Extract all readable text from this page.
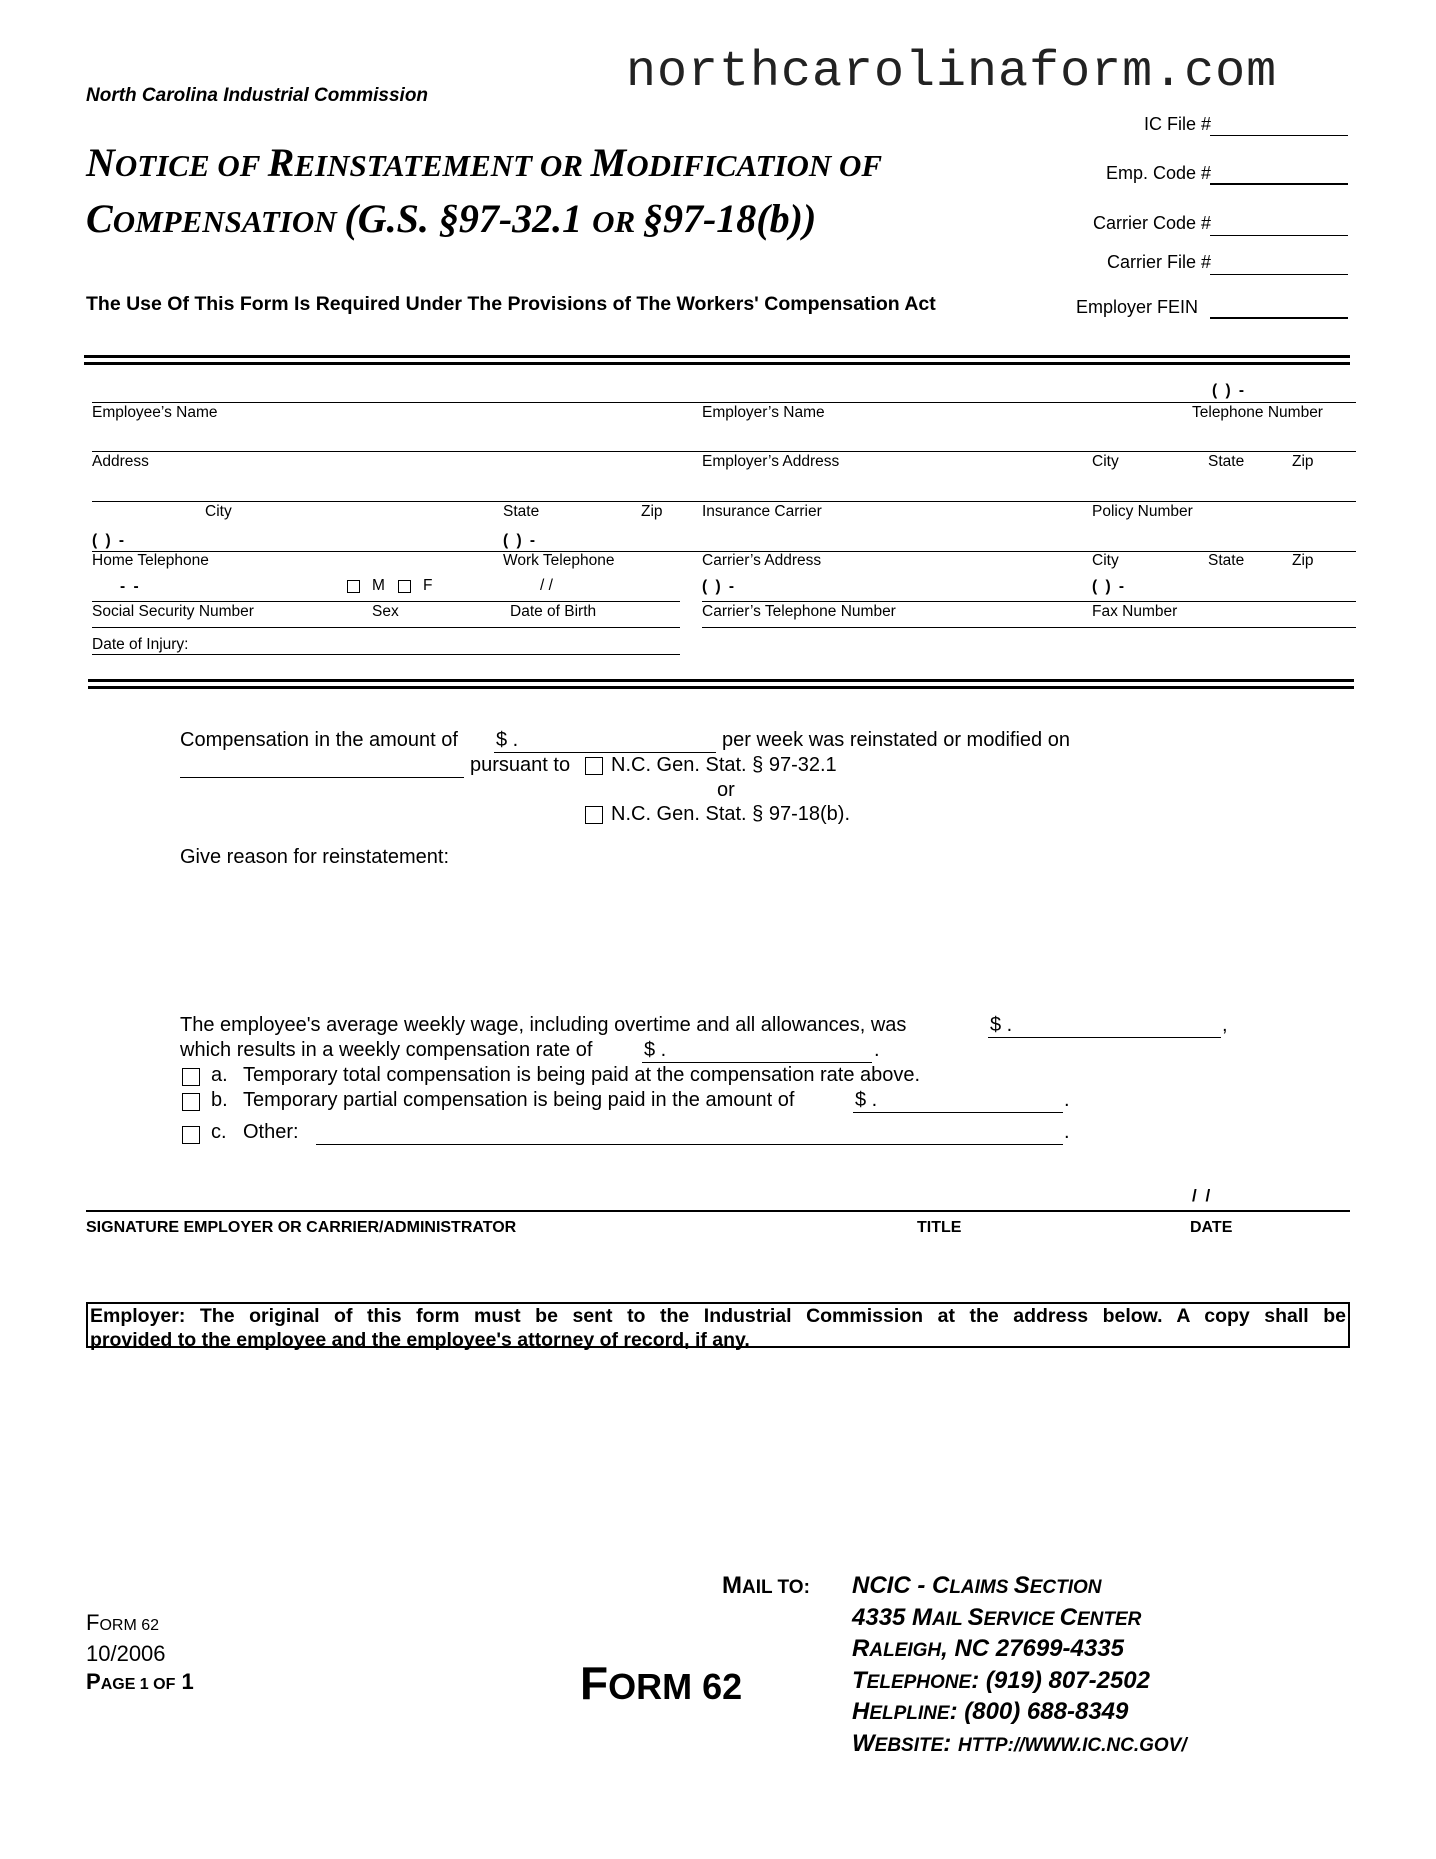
northcarolinaform.com
North Carolina Industrial Commission
NOTICE OF REINSTATEMENT OR MODIFICATION OF
COMPENSATION (G.S. §97-32.1 OR §97-18(b))
The Use Of This Form Is Required Under The Provisions of The Workers' Compensation Act
IC File #
Emp. Code #
Carrier Code #
Carrier File #
Employer FEIN
( ) -
Employee’s Name	Employer’s Name	Telephone Number
Address	Employer’s Address	City	State	Zip
City	State	Zip	Insurance Carrier	Policy Number
( ) -	( ) -
Home Telephone	Work Telephone	Carrier’s Address	City	State	Zip
- -	M F	/ /	( ) -	( ) -
Social Security Number	Sex	Date of Birth	Carrier’s Telephone Number	Fax Number
Date of Injury:
Compensation in the amount of $ .	per week was reinstated or modified on
pursuant to N.C. Gen. Stat. § 97-32.1
or
N.C. Gen. Stat. § 97-18(b).
Give reason for reinstatement:
The employee's average weekly wage, including overtime and all allowances, was	$ .	,
which results in a weekly compensation rate of	$ .	.
a. Temporary total compensation is being paid at the compensation rate above.
b. Temporary partial compensation is being paid in the amount of	$ .	.
c. Other:	.
/ /
SIGNATURE EMPLOYER OR CARRIER/ADMINISTRATOR	TITLE	DATE
Employer: The original of this form must be sent to the Industrial Commission at the address below. A copy shall be
provided to the employee and the employee's attorney of record, if any.
FORM 62
10/2006
PAGE 1 OF 1	FORM 62
MAIL TO: NCIC - CLAIMS SECTION
4335 MAIL SERVICE CENTER
RALEIGH, NC 27699-4335
TELEPHONE: (919) 807-2502
HELPLINE: (800) 688-8349
WEBSITE: HTTP://WWW.IC.NC.GOV/
